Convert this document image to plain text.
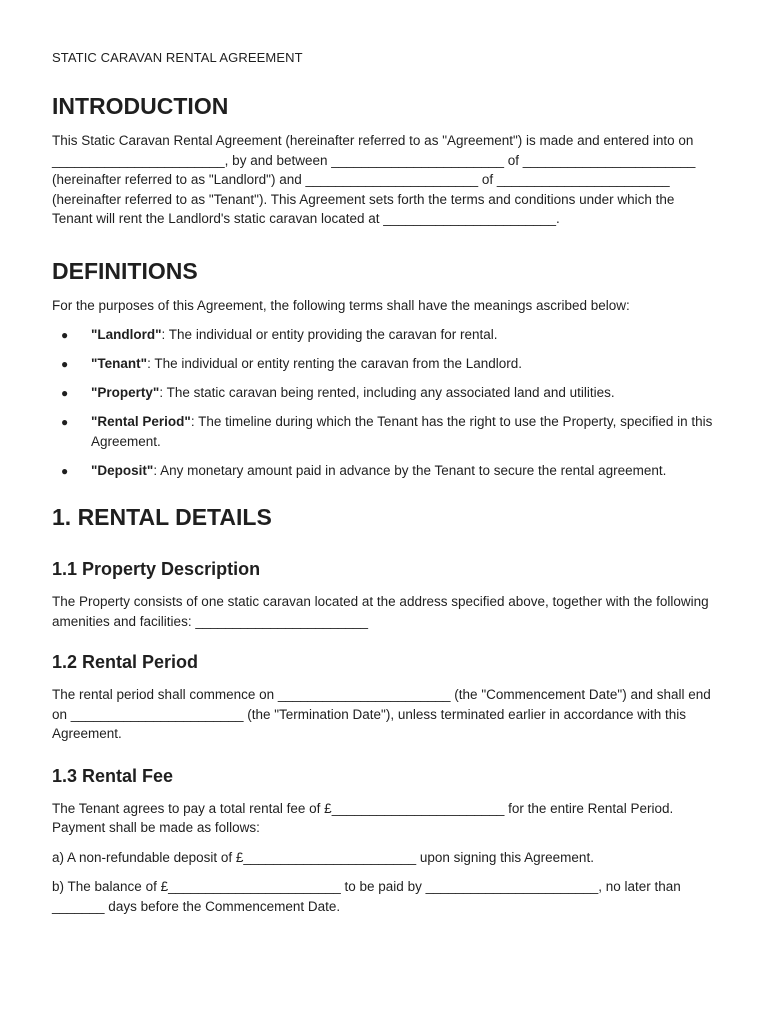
STATIC CARAVAN RENTAL AGREEMENT

INTRODUCTION

This Static Caravan Rental Agreement (hereinafter referred to as "Agreement") is made and entered into on _______________________, by and between _______________________ of _______________________ (hereinafter referred to as "Landlord") and _______________________ of _______________________ (hereinafter referred to as "Tenant"). This Agreement sets forth the terms and conditions under which the Tenant will rent the Landlord's static caravan located at _______________________.

DEFINITIONS

For the purposes of this Agreement, the following terms shall have the meanings ascribed below:

● "Landlord": The individual or entity providing the caravan for rental.
● "Tenant": The individual or entity renting the caravan from the Landlord.
● "Property": The static caravan being rented, including any associated land and utilities.
● "Rental Period": The timeline during which the Tenant has the right to use the Property, specified in this Agreement.
● "Deposit": Any monetary amount paid in advance by the Tenant to secure the rental agreement.
1. RENTAL DETAILS
1.1 Property Description

The Property consists of one static caravan located at the address specified above, together with the following amenities and facilities: _______________________

1.2 Rental Period

The rental period shall commence on _______________________ (the "Commencement Date") and shall end on _______________________ (the "Termination Date"), unless terminated earlier in accordance with this Agreement.

1.3 Rental Fee

The Tenant agrees to pay a total rental fee of £_______________________ for the entire Rental Period. Payment shall be made as follows:

a) A non-refundable deposit of £_______________________ upon signing this Agreement.

b) The balance of £_______________________ to be paid by _______________________, no later than _______ days before the Commencement Date.
